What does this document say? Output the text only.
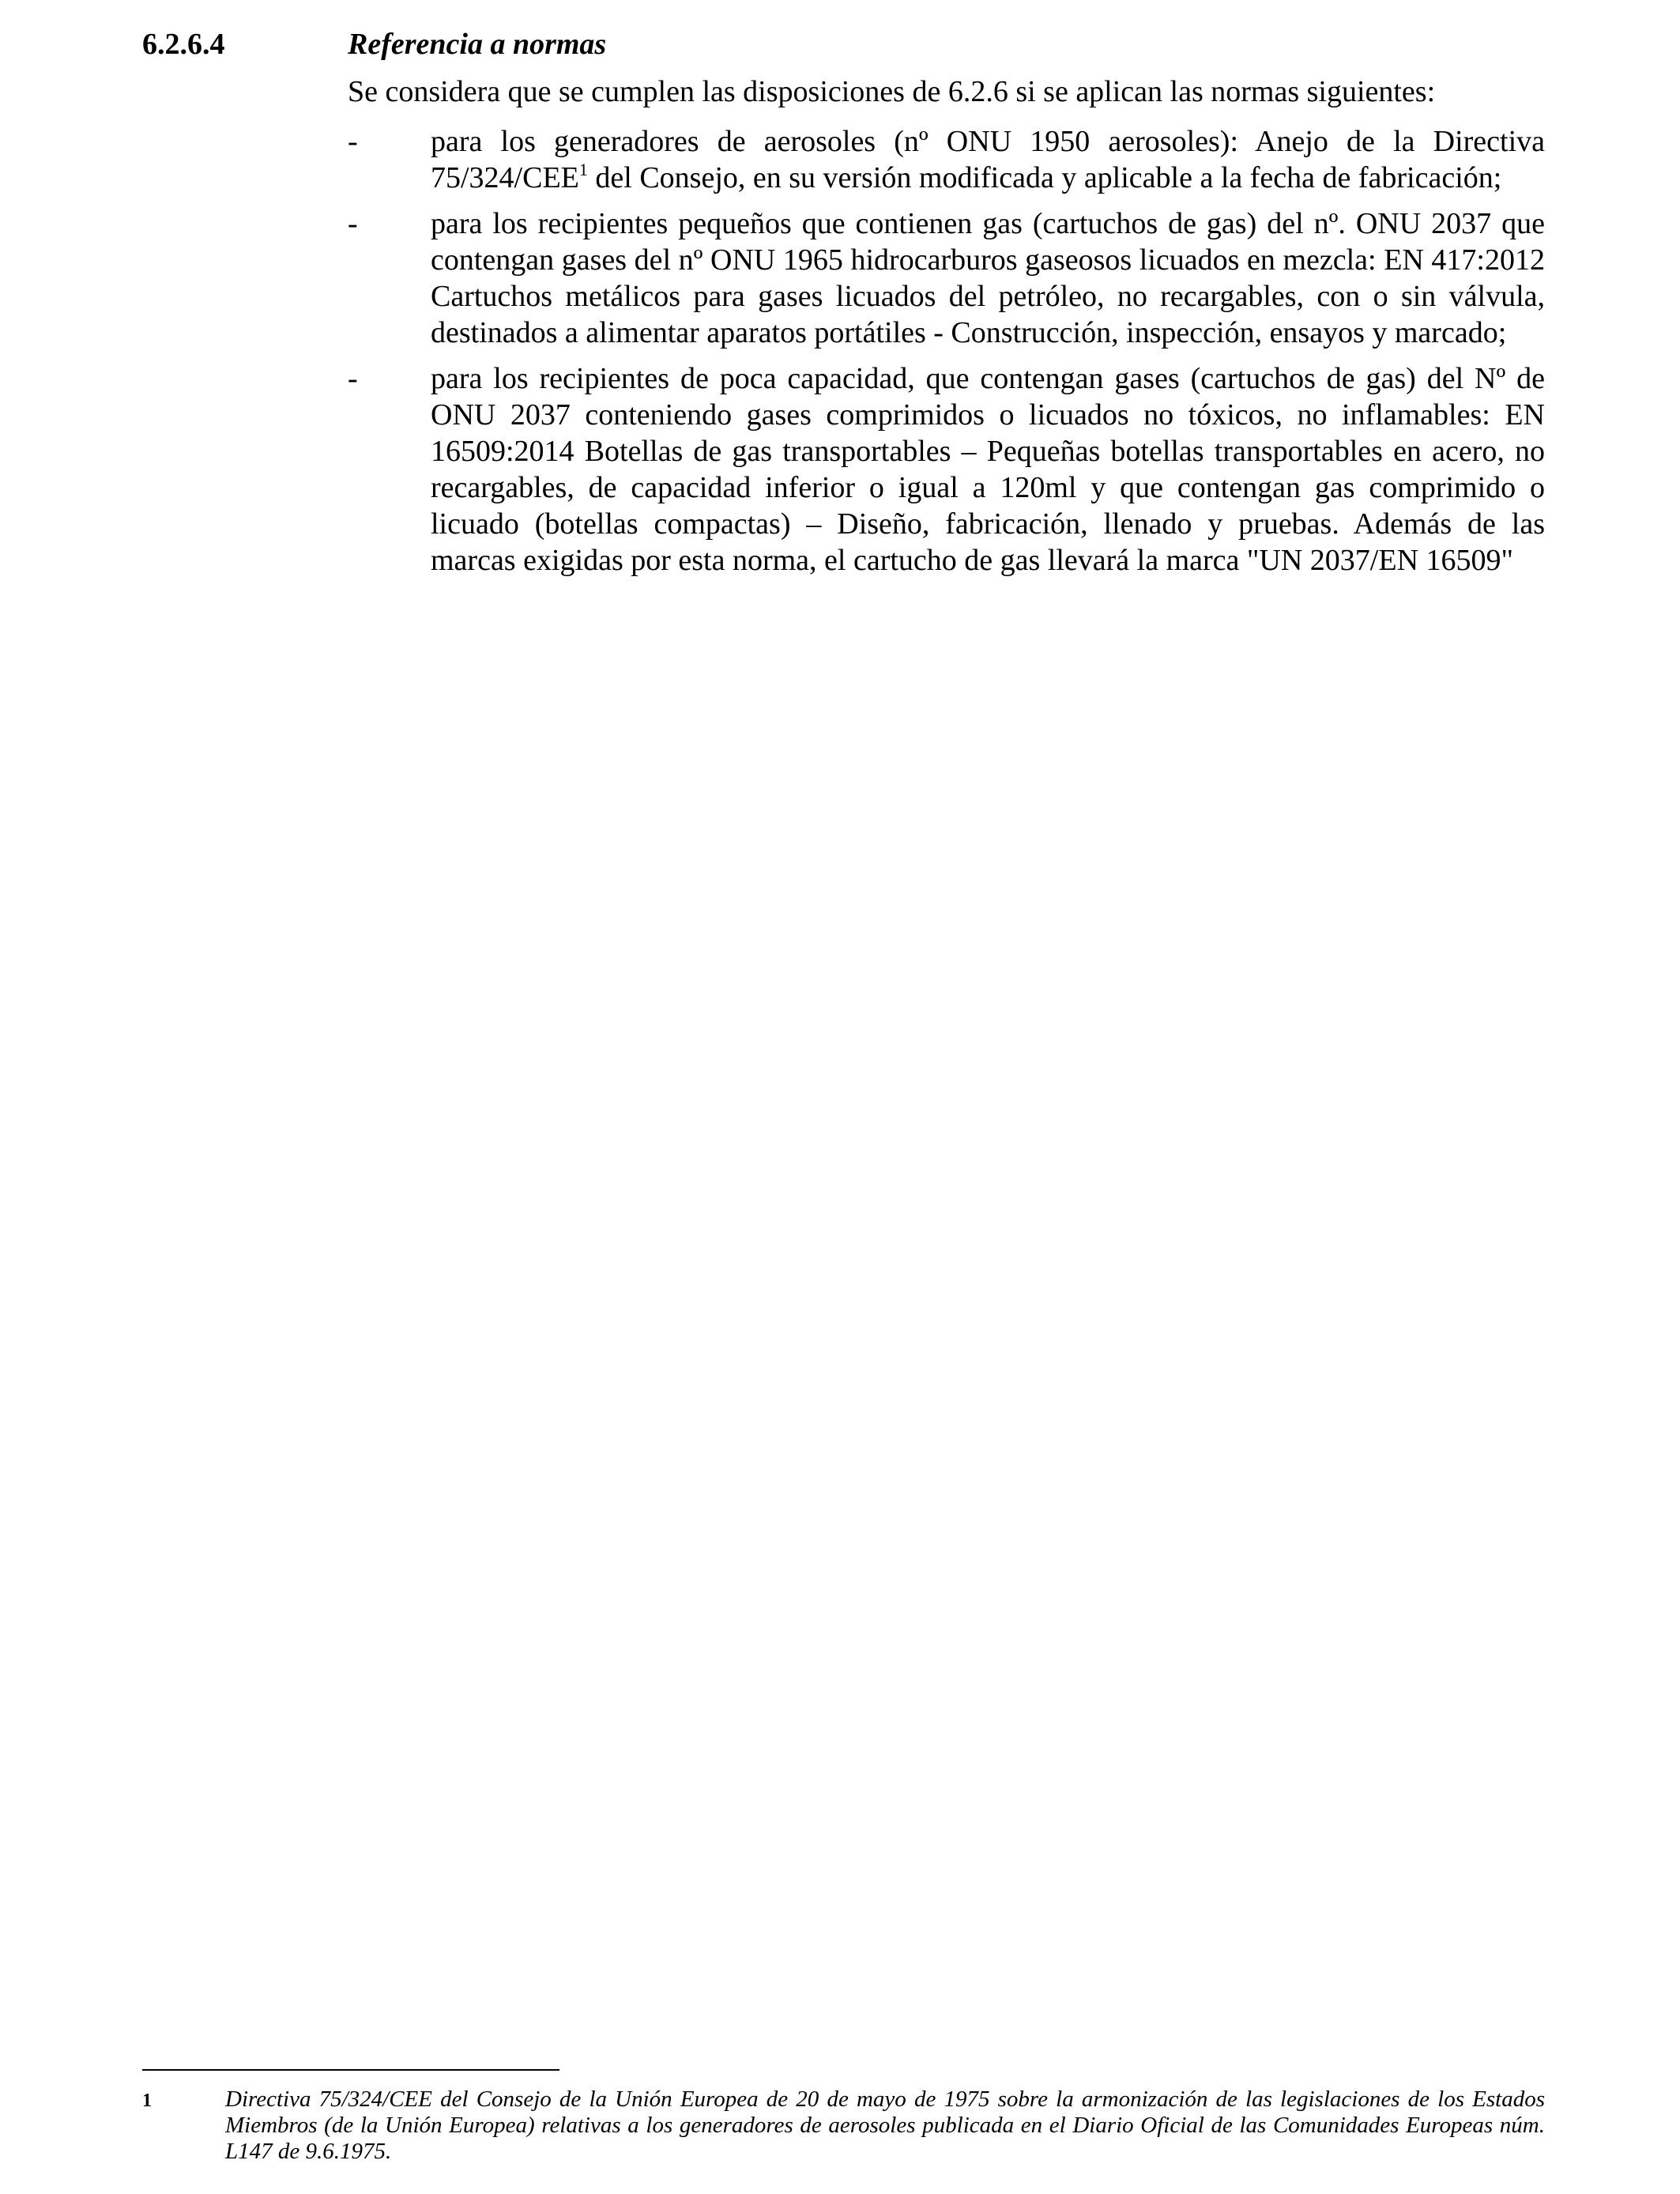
6.2.6.4	Referencia a normas

Se considera que se cumplen las disposiciones de 6.2.6 si se aplican las normas siguientes:

- para los generadores de aerosoles (nº ONU 1950 aerosoles): Anejo de la Directiva 75/324/CEE$^1$ del Consejo, en su versión modificada y aplicable a la fecha de fabricación;
- para los recipientes pequeños que contienen gas (cartuchos de gas) del nº. ONU 2037 que contengan gases del nº ONU 1965 hidrocarburos gaseosos licuados en mezcla: EN 417:2012 Cartuchos metálicos para gases licuados del petróleo, no recargables, con o sin válvula, destinados a alimentar aparatos portátiles - Construcción, inspección, ensayos y marcado;
- para los recipientes de poca capacidad, que contengan gases (cartuchos de gas) del Nº de ONU 2037 conteniendo gases comprimidos o licuados no tóxicos, no inflamables: EN 16509:2014 Botellas de gas transportables – Pequeñas botellas transportables en acero, no recargables, de capacidad inferior o igual a 120ml y que contengan gas comprimido o licuado (botellas compactas) – Diseño, fabricación, llenado y pruebas. Además de las marcas exigidas por esta norma, el cartucho de gas llevará la marca "UN 2037/EN 16509"
1	Directiva 75/324/CEE del Consejo de la Unión Europea de 20 de mayo de 1975 sobre la armonización de las legislaciones de los Estados Miembros (de la Unión Europea) relativas a los generadores de aerosoles publicada en el Diario Oficial de las Comunidades Europeas núm. L147 de 9.6.1975.
